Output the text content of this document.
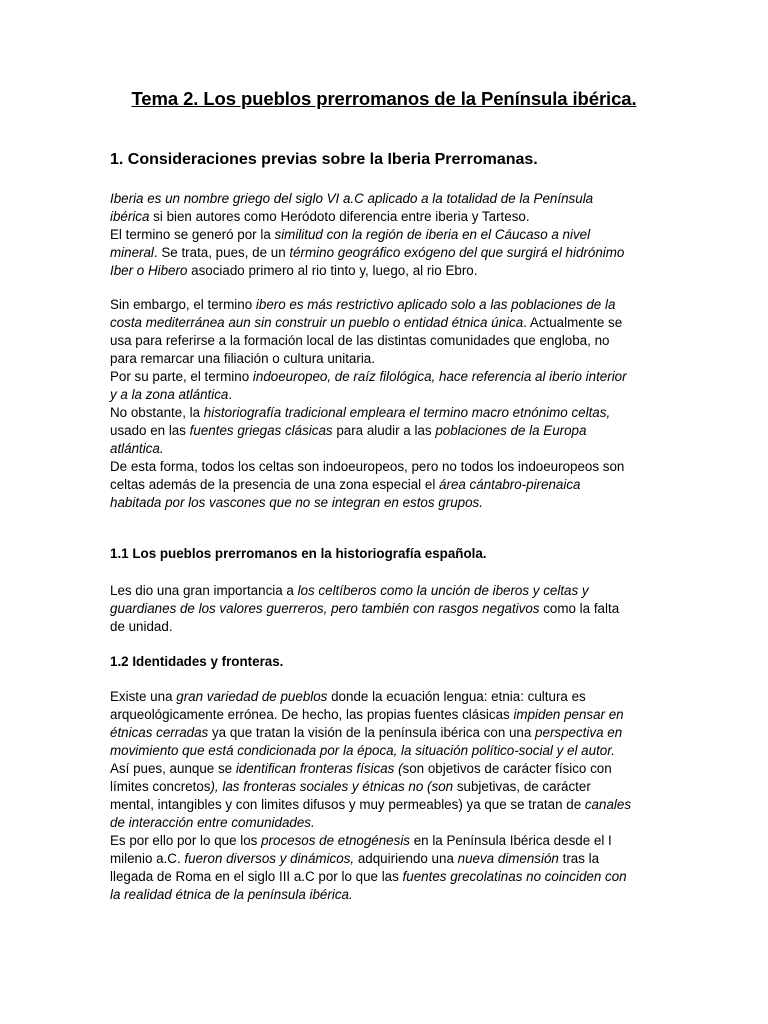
Tema 2. Los pueblos prerromanos de la Península ibérica.
1. Consideraciones previas sobre la Iberia Prerromanas.
Iberia es un nombre griego del siglo VI a.C aplicado a la totalidad de la Península
ibérica si bien autores como Heródoto diferencia entre iberia y Tarteso.
El termino se generó por la similitud con la región de iberia en el Cáucaso a nivel
mineral. Se trata, pues, de un término geográfico exógeno del que surgirá el hidrónimo
Iber o Hibero asociado primero al rio tinto y, luego, al rio Ebro.
Sin embargo, el termino ibero es más restrictivo aplicado solo a las poblaciones de la
costa mediterránea aun sin construir un pueblo o entidad étnica única. Actualmente se
usa para referirse a la formación local de las distintas comunidades que engloba, no
para remarcar una filiación o cultura unitaria.
Por su parte, el termino indoeuropeo, de raíz filológica, hace referencia al iberio interior
y a la zona atlántica.
No obstante, la historiografía tradicional empleara el termino macro etnónimo celtas,
usado en las fuentes griegas clásicas para aludir a las poblaciones de la Europa
atlántica.
De esta forma, todos los celtas son indoeuropeos, pero no todos los indoeuropeos son
celtas además de la presencia de una zona especial el área cántabro-pirenaica
habitada por los vascones que no se integran en estos grupos.
1.1 Los pueblos prerromanos en la historiografía española.
Les dio una gran importancia a los celtíberos como la unción de iberos y celtas y
guardianes de los valores guerreros, pero también con rasgos negativos como la falta
de unidad.
1.2 Identidades y fronteras.
Existe una gran variedad de pueblos donde la ecuación lengua: etnia: cultura es
arqueológicamente errónea. De hecho, las propias fuentes clásicas impiden pensar en
étnicas cerradas ya que tratan la visión de la península ibérica con una perspectiva en
movimiento que está condicionada por la época, la situación político-social y el autor.
Así pues, aunque se identifican fronteras físicas (son objetivos de carácter físico con
límites concretos), las fronteras sociales y étnicas no (son subjetivas, de carácter
mental, intangibles y con limites difusos y muy permeables) ya que se tratan de canales
de interacción entre comunidades.
Es por ello por lo que los procesos de etnogénesis en la Península Ibérica desde el I
milenio a.C. fueron diversos y dinámicos, adquiriendo una nueva dimensión tras la
llegada de Roma en el siglo III a.C por lo que las fuentes grecolatinas no coinciden con
la realidad étnica de la península ibérica.
